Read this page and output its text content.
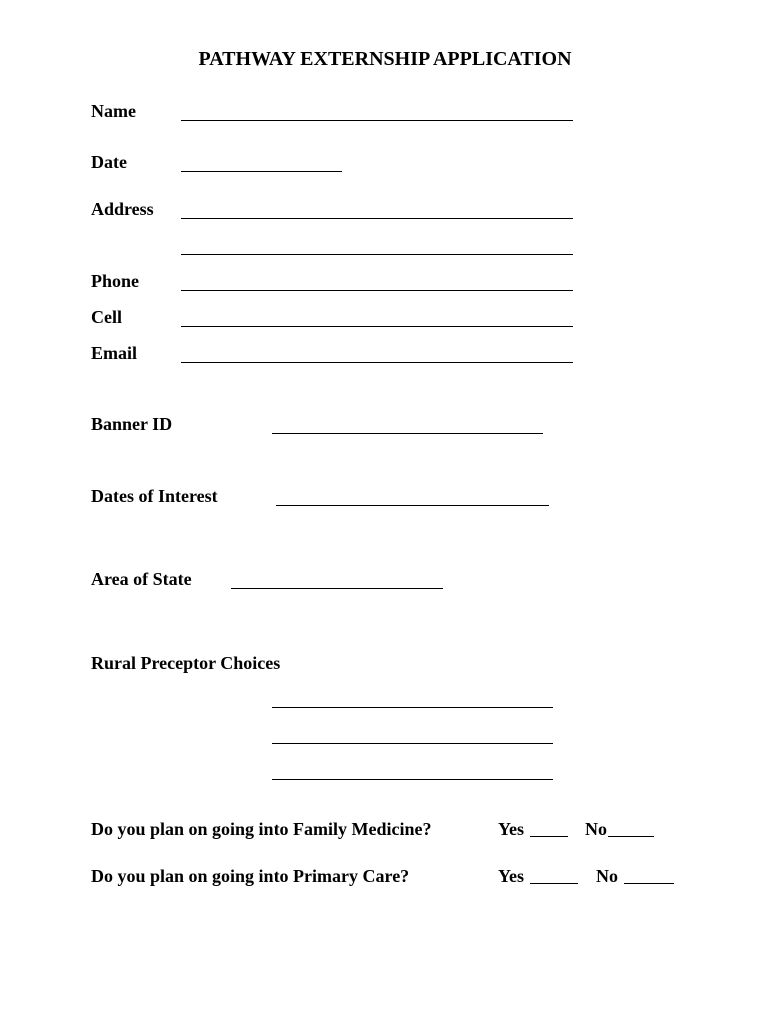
PATHWAY EXTERNSHIP APPLICATION
Name
Date
Address
Phone
Cell
Email
Banner ID
Dates of Interest
Area of State
Rural Preceptor Choices
Do you plan on going into Family Medicine?	Yes	No
Do you plan on going into Primary Care?	Yes	No
